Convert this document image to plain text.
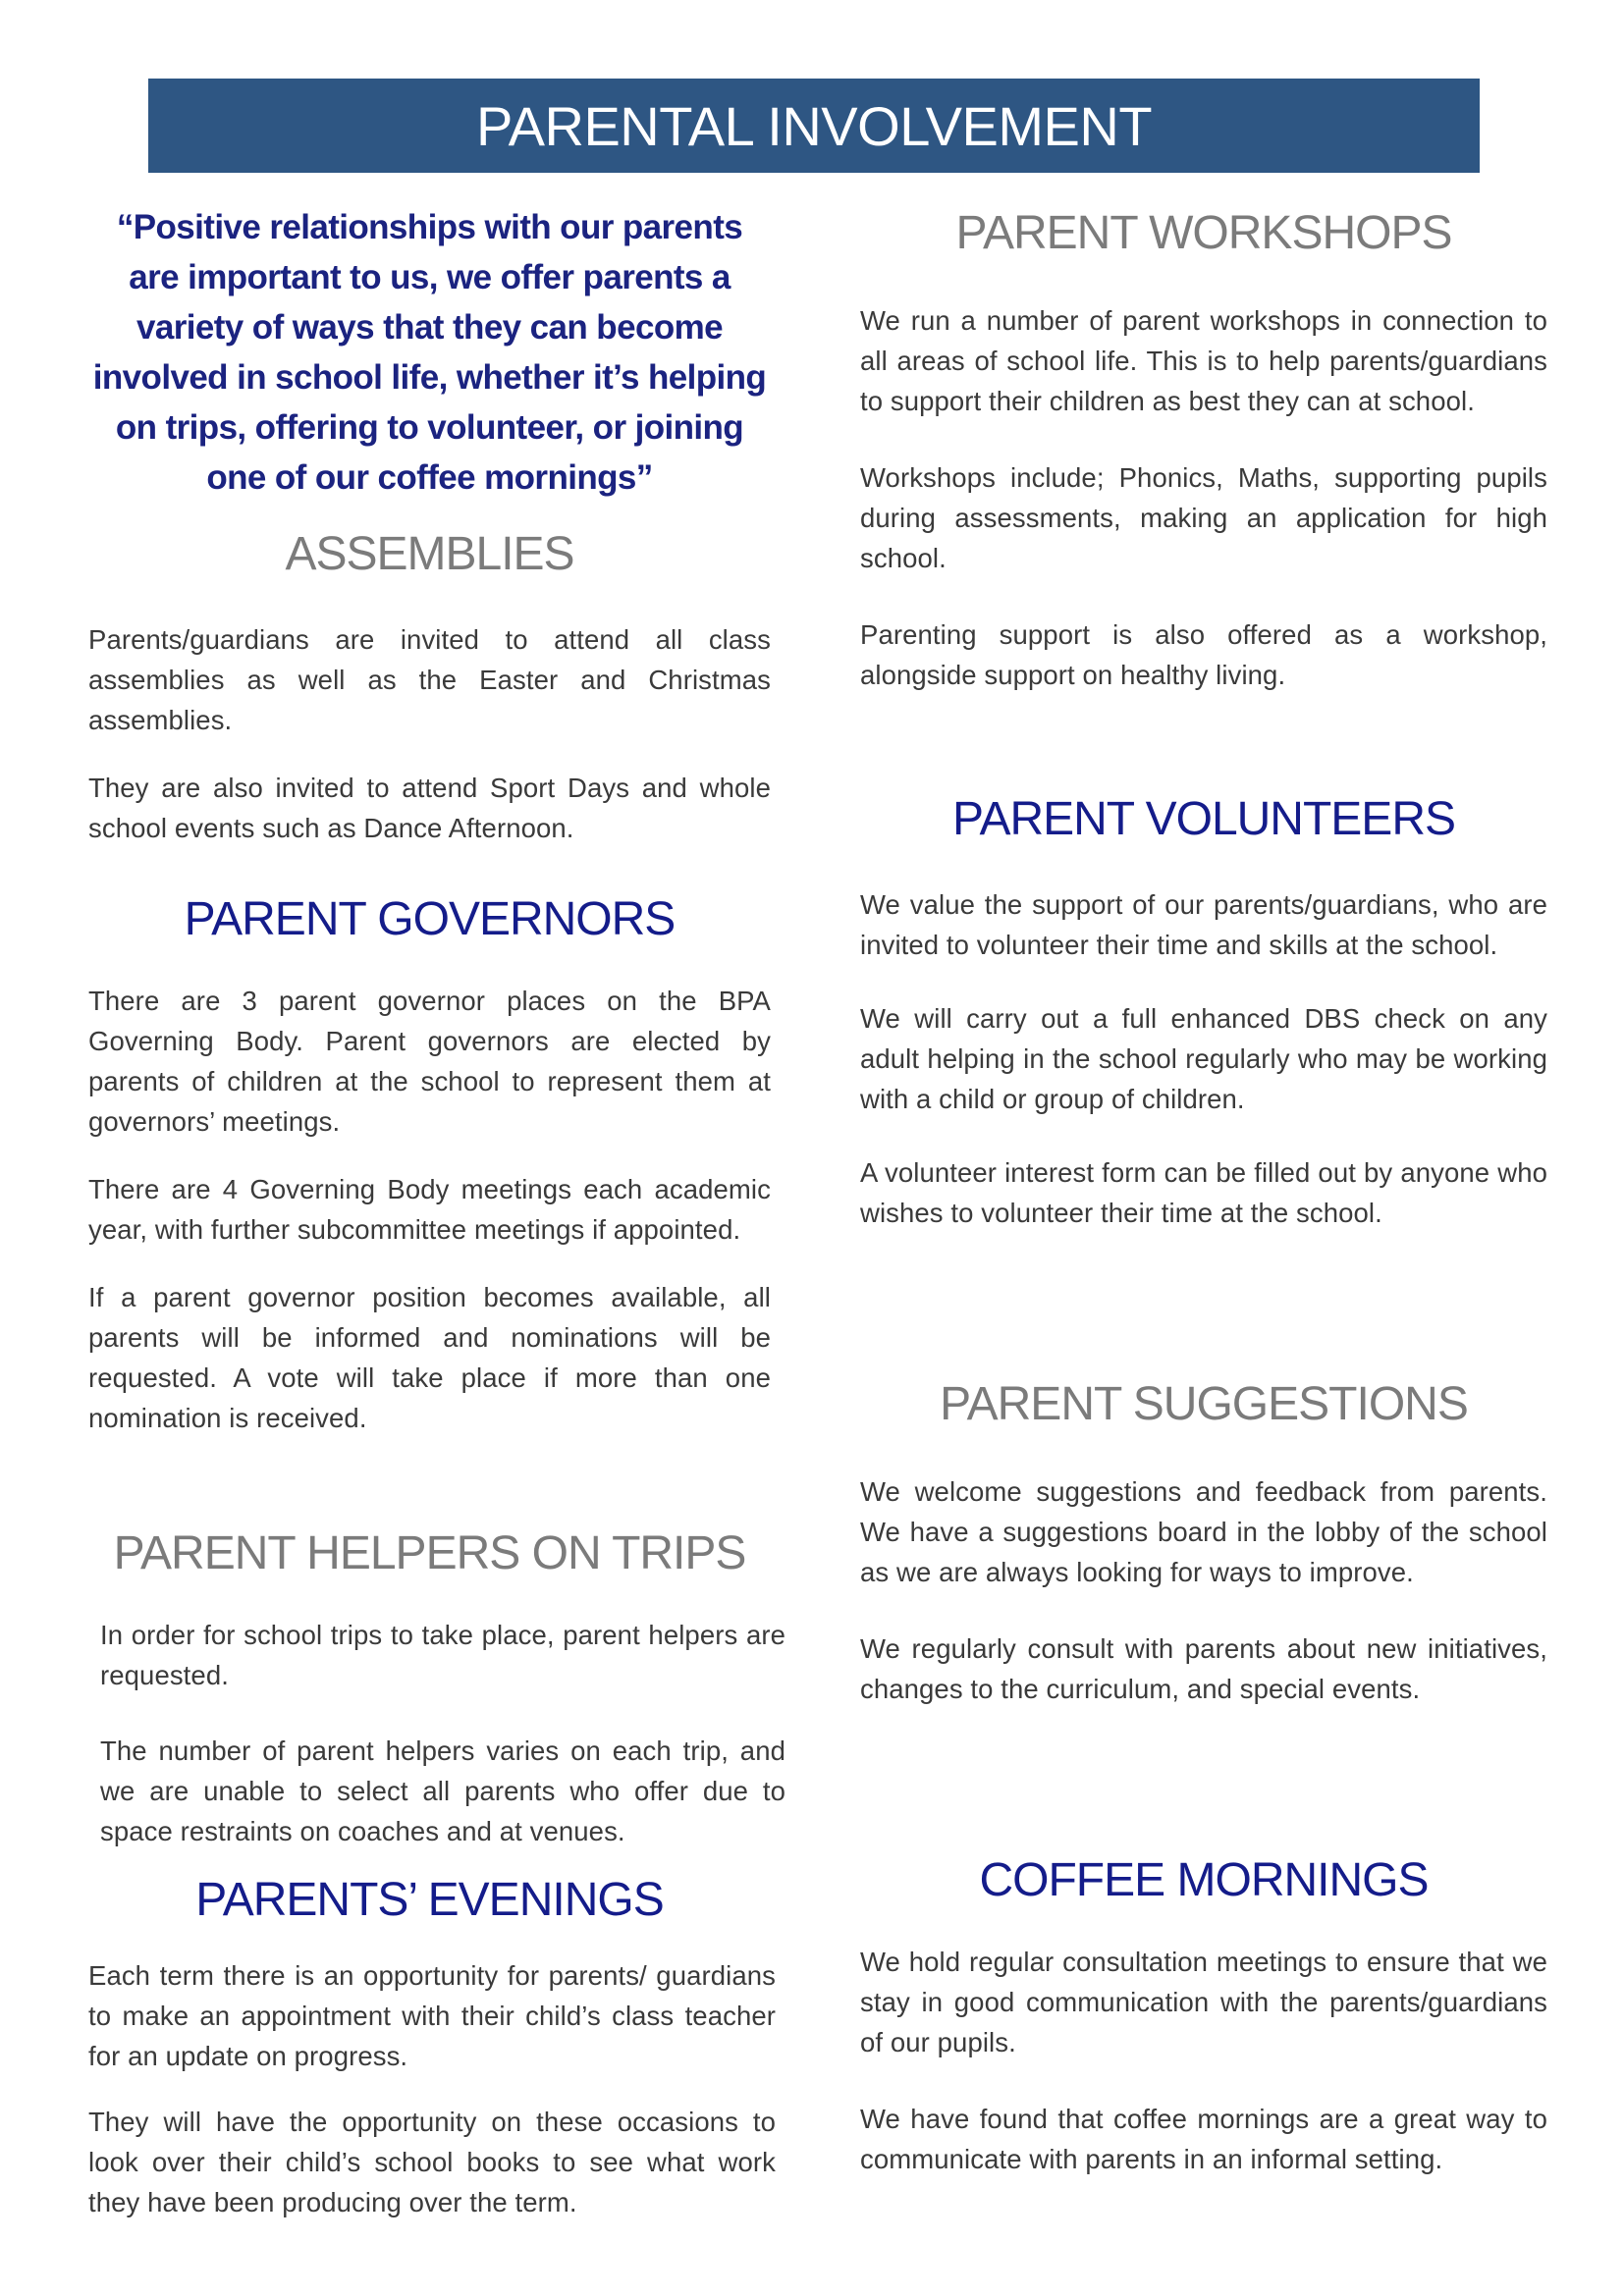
PARENTAL INVOLVEMENT

“Positive relationships with our parents are important to us, we offer parents a variety of ways that they can become involved in school life, whether it’s helping on trips, offering to volunteer, or joining one of our coffee mornings”

ASSEMBLIES

Parents/guardians are invited to attend all class assemblies as well as the Easter and Christmas assemblies.

They are also invited to attend Sport Days and whole school events such as Dance Afternoon.

PARENT GOVERNORS

There are 3 parent governor places on the BPA Governing Body. Parent governors are elected by parents of children at the school to represent them at governors’ meetings.

There are 4 Governing Body meetings each academic year, with further subcommittee meetings if appointed.

If a parent governor position becomes available, all parents will be informed and nominations will be requested. A vote will take place if more than one nomination is received.

PARENT HELPERS ON TRIPS

In order for school trips to take place, parent helpers are requested.

The number of parent helpers varies on each trip, and we are unable to select all parents who offer due to space restraints on coaches and at venues.

PARENTS’ EVENINGS

Each term there is an opportunity for parents/ guardians to make an appointment with their child’s class teacher for an update on progress.

They will have the opportunity on these occasions to look over their child’s school books to see what work they have been producing over the term.

PARENT WORKSHOPS

We run a number of parent workshops in connection to all areas of school life. This is to help parents/guardians to support their children as best they can at school.

Workshops include; Phonics, Maths, supporting pupils during assessments, making an application for high school.

Parenting support is also offered as a workshop, alongside support on healthy living.

PARENT VOLUNTEERS

We value the support of our parents/guardians, who are invited to volunteer their time and skills at the school.

We will carry out a full enhanced DBS check on any adult helping in the school regularly who may be working with a child or group of children.

A volunteer interest form can be filled out by anyone who wishes to volunteer their time at the school.

PARENT SUGGESTIONS

We welcome suggestions and feedback from parents. We have a suggestions board in the lobby of the school as we are always looking for ways to improve.

We regularly consult with parents about new initiatives, changes to the curriculum, and special events.

COFFEE MORNINGS

We hold regular consultation meetings to ensure that we stay in good communication with the parents/guardians of our pupils.

We have found that coffee mornings are a great way to communicate with parents in an informal setting.
